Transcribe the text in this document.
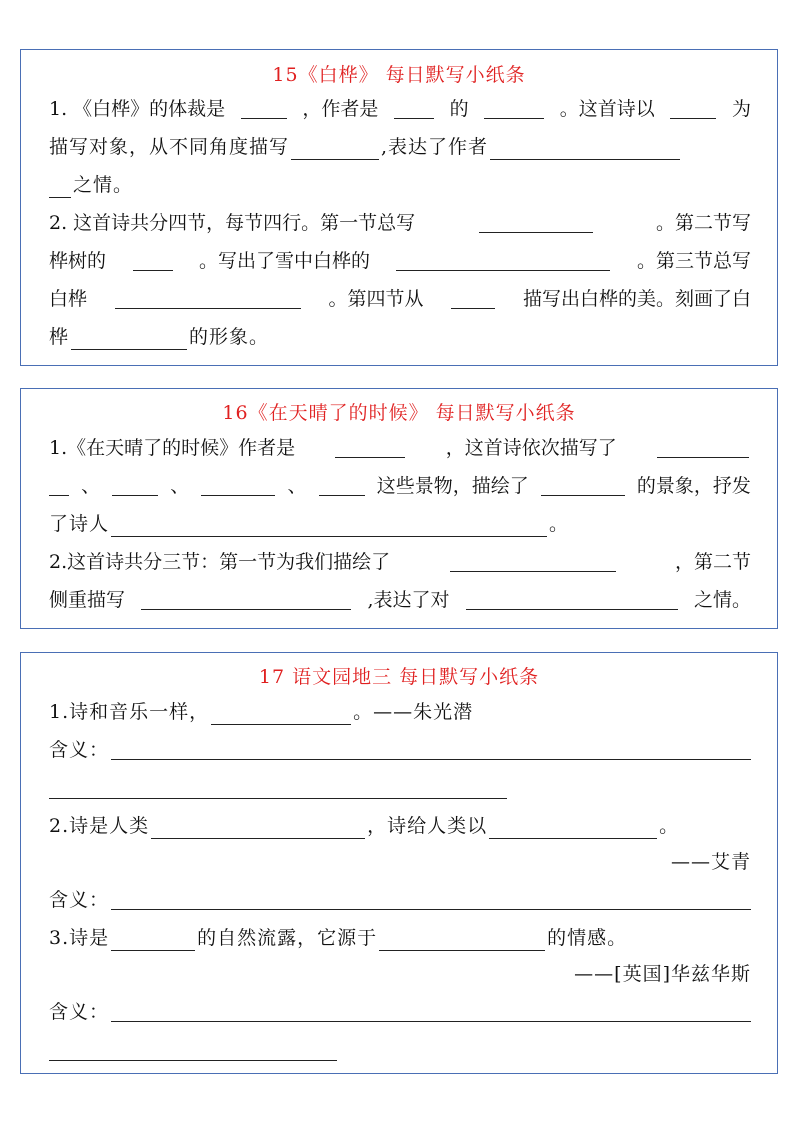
15《白桦》 每日默写小纸条
1. 《白桦》的体裁是	，作者是	的	。这首诗以	为
描写对象，从不同角度描写	,表达了作者
之情。
2. 这首诗共分四节，每节四行。第一节总写	。第二节写
桦树的	。写出了雪中白桦的	。第三节总写
白桦	。第四节从	描写出白桦的美。刻画了白
桦	的形象。
16《在天晴了的时候》 每日默写小纸条
1.《在天晴了的时候》作者是	，这首诗依次描写了
、	、	、	这些景物，描绘了	的景象，抒发
了诗人	。
2.这首诗共分三节：第一节为我们描绘了	，第二节
侧重描写	,表达了对	之情。
17 语文园地三 每日默写小纸条
1.诗和音乐一样，	。——朱光潜
含义：
2.诗是人类	，诗给人类以	。
——艾青
含义：
3.诗是	的自然流露，它源于	的情感。
——[英国]华兹华斯
含义：
